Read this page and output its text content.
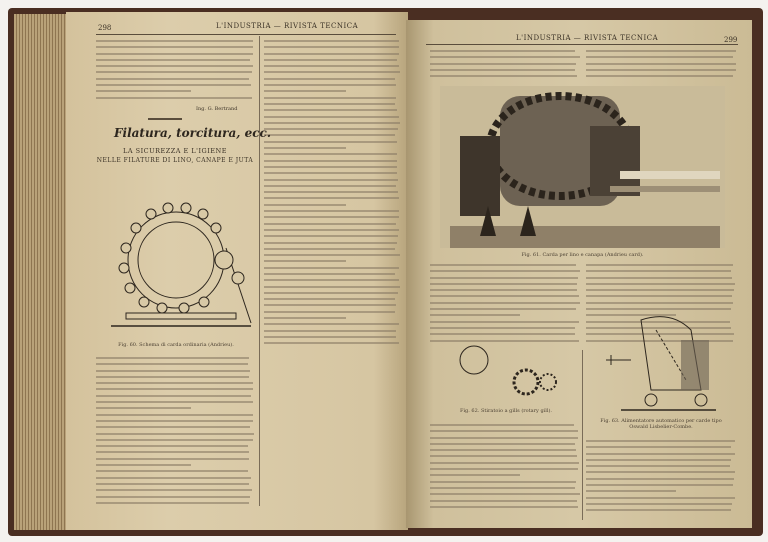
298	L'INDUSTRIA — RIVISTA TECNICA
Ing. G. Bertrand
Filatura, torcitura, ecc.
LA SICUREZZA E L'IGIENE
NELLE FILATURE DI LINO, CANAPE E JUTA
Fig. 60. Schema di carda ordinaria (Andrieu).
L'INDUSTRIA — RIVISTA TECNICA	299
Fig. 61. Carda per lino e canapa (Andrieu card).
Fig. 62. Stiratoio a gills (rotary gill).
Fig. 63. Alimentatore automatico per carde tipo Oswald Lisbelier-Combe.
